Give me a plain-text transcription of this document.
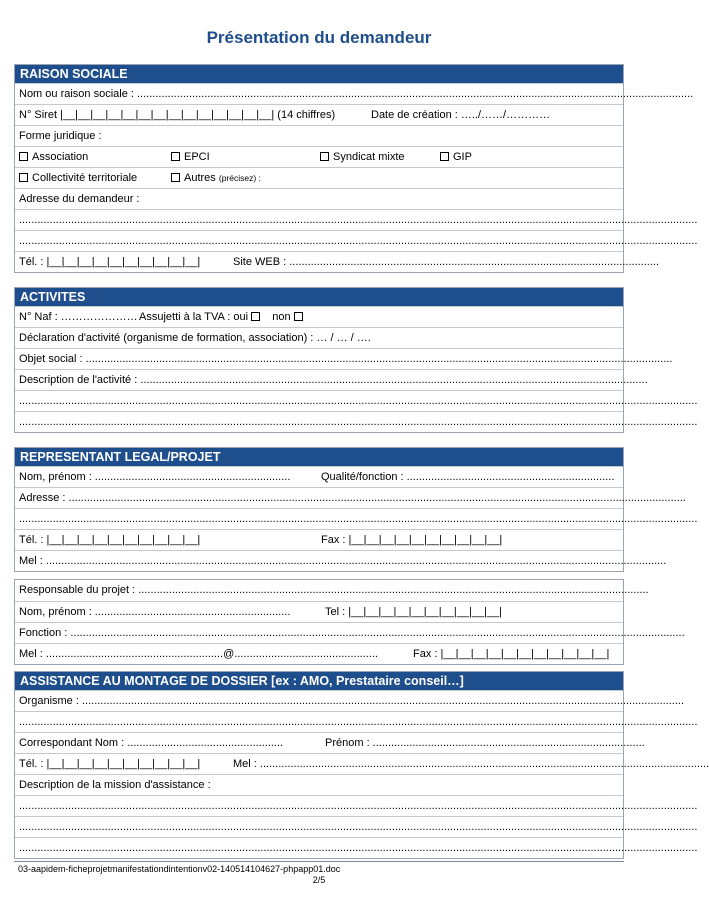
Présentation du demandeur
RAISON SOCIALE
Nom ou raison sociale : ......................................................................................................................................................................................
N° Siret |__|__|__|__|__|__|__|__|__|__|__|__|__|__| (14 chiffres)	Date de création : …../……/…………
Forme juridique :
Association	EPCI	Syndicat mixte	GIP
Collectivité territoriale	Autres (précisez) :
Adresse du demandeur :
..............................................................................................................................................................................................................................
..............................................................................................................................................................................................................................
Tél. : |__|__|__|__|__|__|__|__|__|__|	Site WEB : .........................................................................................................................
ACTIVITES
N° Naf : ………………… Assujetti à la TVA : oui non
Déclaration d'activité (organisme de formation, association) : … / … / ….
Objet social : ................................................................................................................................................................................................
Description de l'activité : ......................................................................................................................................................................
..............................................................................................................................................................................................................................
..............................................................................................................................................................................................................................
REPRESENTANT LEGAL/PROJET
Nom, prénom : ................................................................	Qualité/fonction : ....................................................................
Adresse : ..........................................................................................................................................................................................................
..............................................................................................................................................................................................................................
Tél. : |__|__|__|__|__|__|__|__|__|__|	Fax : |__|__|__|__|__|__|__|__|__|__|
Mel : ...........................................................................................................................................................................................................
Responsable du projet : .......................................................................................................................................................................
Nom, prénom : ................................................................	Tel : |__|__|__|__|__|__|__|__|__|__|
Fonction : .........................................................................................................................................................................................................
Mel : ..........................................................@...............................................	Fax : |__|__|__|__|__|__|__|__|__|__|__|
ASSISTANCE AU MONTAGE DE DOSSIER [ex : AMO, Prestataire conseil…]
Organisme : .....................................................................................................................................................................................................
..............................................................................................................................................................................................................................
Correspondant Nom : ...................................................	Prénom : .........................................................................................
Tél. : |__|__|__|__|__|__|__|__|__|__|	Mel : ...................................................................................................................................................
Description de la mission d'assistance :
..............................................................................................................................................................................................................................
..............................................................................................................................................................................................................................
..............................................................................................................................................................................................................................
03-aapidem-ficheprojetmanifestationdintentionv02-140514104627-phpapp01.doc
2/5
